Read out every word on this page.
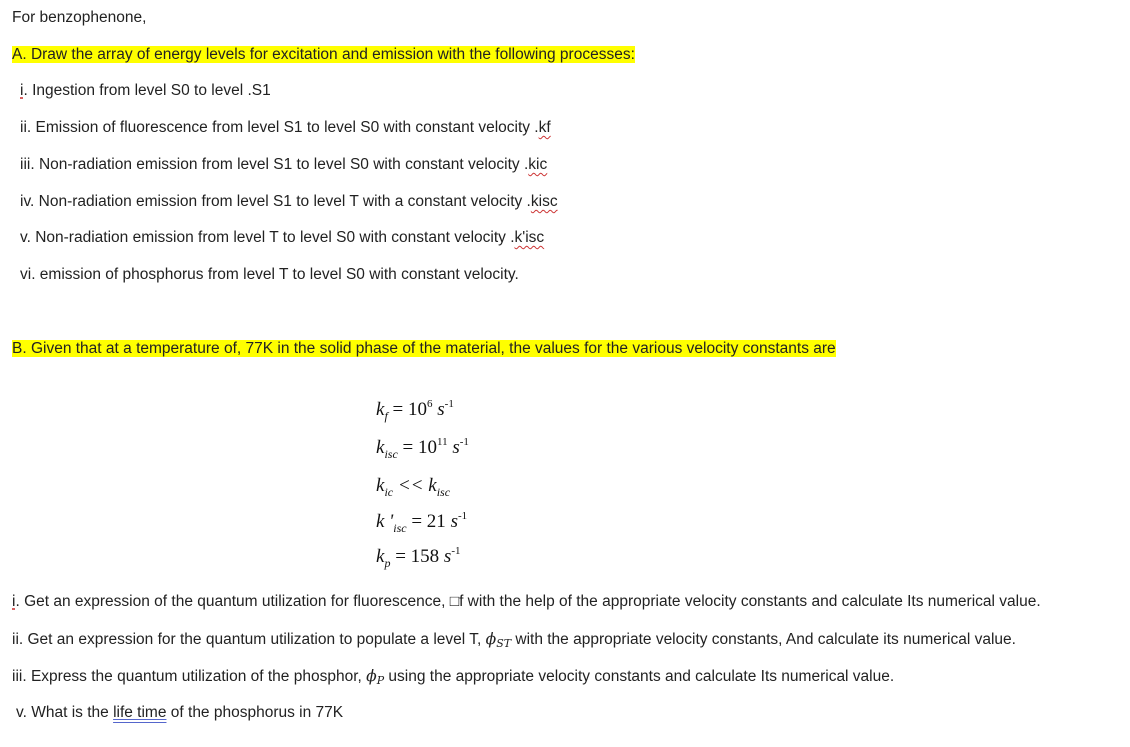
For benzophenone,
A. Draw the array of energy levels for excitation and emission with the following processes:
i. Ingestion from level S0 to level .S1
ii. Emission of fluorescence from level S1 to level S0 with constant velocity .kf
iii. Non-radiation emission from level S1 to level S0 with constant velocity .kic
iv. Non-radiation emission from level S1 to level T with a constant velocity .kisc
v. Non-radiation emission from level T to level S0 with constant velocity .k'isc
vi. emission of phosphorus from level T to level S0 with constant velocity.
B. Given that at a temperature of, 77K in the solid phase of the material, the values for the various velocity constants are
$k_f = 10^6$ $s^{-1}$
$k_{isc} = 10^{11}$ $s^{-1}$
$k_{ic} << k_{isc}$
k '$_{isc} = 21$ $s^{-1}$
$k_p = 158$ $s^{-1}$
i. Get an expression of the quantum utilization for fluorescence, □f with the help of the appropriate velocity constants and calculate Its numerical value.
ii. Get an expression for the quantum utilization to populate a level T, ϕST with the appropriate velocity constants, And calculate its numerical value.
iii. Express the quantum utilization of the phosphor, ϕP using the appropriate velocity constants and calculate Its numerical value.
v. What is the life time of the phosphorus in 77K
